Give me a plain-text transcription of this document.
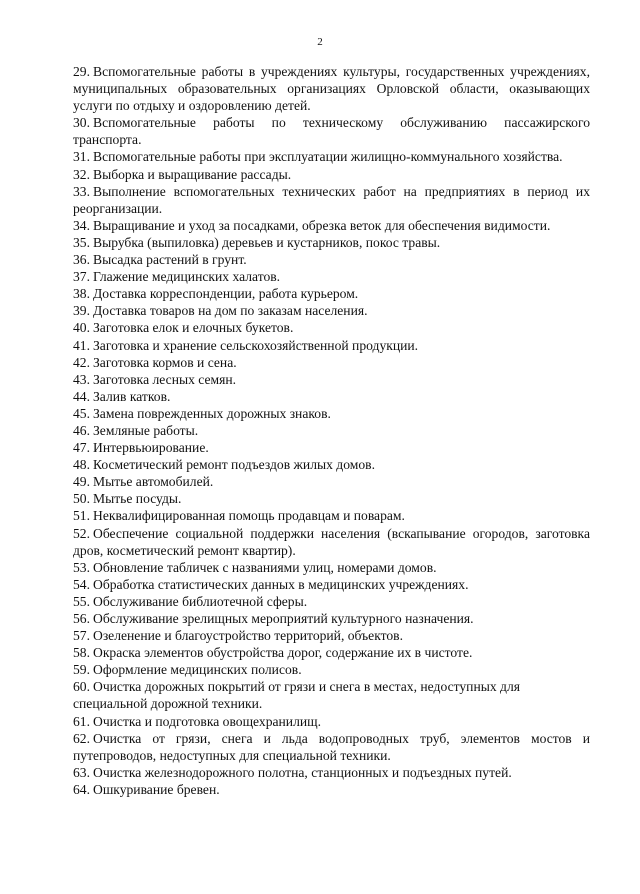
2
29. Вспомогательные работы в учреждениях культуры, государственных учреждениях, муниципальных образовательных организациях Орловской области, оказывающих услуги по отдыху и оздоровлению детей.
30. Вспомогательные работы по техническому обслуживанию пассажирского транспорта.
31. Вспомогательные работы при эксплуатации жилищно-коммунального хозяйства.
32. Выборка и выращивание рассады.
33. Выполнение вспомогательных технических работ на предприятиях в период их реорганизации.
34. Выращивание и уход за посадками, обрезка веток для обеспечения видимости.
35. Вырубка (выпиловка) деревьев и кустарников, покос травы.
36. Высадка растений в грунт.
37. Глажение медицинских халатов.
38. Доставка корреспонденции, работа курьером.
39. Доставка товаров на дом по заказам населения.
40. Заготовка елок и елочных букетов.
41. Заготовка и хранение сельскохозяйственной продукции.
42. Заготовка кормов и сена.
43. Заготовка лесных семян.
44. Залив катков.
45. Замена поврежденных дорожных знаков.
46. Земляные работы.
47. Интервьюирование.
48. Косметический ремонт подъездов жилых домов.
49. Мытье автомобилей.
50. Мытье посуды.
51. Неквалифицированная помощь продавцам и поварам.
52. Обеспечение социальной поддержки населения (вскапывание огородов, заготовка дров, косметический ремонт квартир).
53. Обновление табличек с названиями улиц, номерами домов.
54. Обработка статистических данных в медицинских учреждениях.
55. Обслуживание библиотечной сферы.
56. Обслуживание зрелищных мероприятий культурного назначения.
57. Озеленение и благоустройство территорий, объектов.
58. Окраска элементов обустройства дорог, содержание их в чистоте.
59. Оформление медицинских полисов.
60. Очистка дорожных покрытий от грязи и снега в местах, недоступных для специальной дорожной техники.
61. Очистка и подготовка овощехранилищ.
62. Очистка от грязи, снега и льда водопроводных труб, элементов мостов и путепроводов, недоступных для специальной техники.
63. Очистка железнодорожного полотна, станционных и подъездных путей.
64. Ошкуривание бревен.
